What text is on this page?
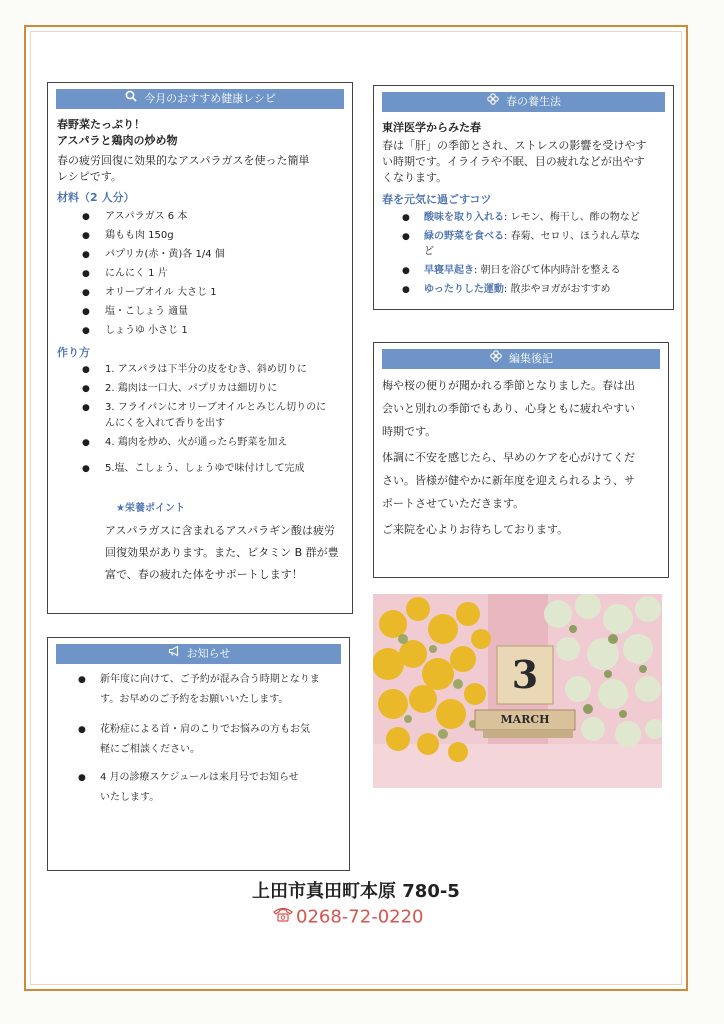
今月のおすすめ健康レシピ
春野菜たっぷり！
アスパラと鶏肉の炒め物
春の疲労回復に効果的なアスパラガスを使った簡単
レシピです。
材料（2 人分）
● アスパラガス 6 本
● 鶏もも肉 150g
● パプリカ(赤・黄)各 1/4 個
● にんにく 1 片
● オリーブオイル 大さじ 1
● 塩・こしょう 適量
● しょうゆ 小さじ 1
作り方
● 1. アスパラは下半分の皮をむき、斜め切りに
● 2. 鶏肉は一口大、パプリカは細切りに
● 3. フライパンにオリーブオイルとみじん切りのに
んにくを入れて香りを出す
● 4. 鶏肉を炒め、火が通ったら野菜を加え
● 5.塩、こしょう、しょうゆで味付けして完成
★栄養ポイント
アスパラガスに含まれるアスパラギン酸は疲労
回復効果があります。また、ビタミン B 群が豊
富で、春の疲れた体をサポートします！
春の養生法
東洋医学からみた春
春は「肝」の季節とされ、ストレスの影響を受けやす
い時期です。イライラや不眠、目の疲れなどが出やす
くなります。
春を元気に過ごすコツ
● 酸味を取り入れる: レモン、梅干し、酢の物など
● 緑の野菜を食べる: 春菊、セロリ、ほうれん草な
ど
● 早寝早起き: 朝日を浴びて体内時計を整える
● ゆったりした運動: 散歩やヨガがおすすめ
編集後記
梅や桜の便りが聞かれる季節となりました。春は出
会いと別れの季節でもあり、心身ともに疲れやすい
時期です。
体調に不安を感じたら、早めのケアを心がけてくだ
さい。皆様が健やかに新年度を迎えられるよう、サ
ポートさせていただきます。
ご来院を心よりお待ちしております。
3
MARCH
お知らせ
● 新年度に向けて、ご予約が混み合う時期となりま
す。お早めのご予約をお願いいたします。
● 花粉症による首・肩のこりでお悩みの方もお気
軽にご相談ください。
● 4 月の診療スケジュールは来月号でお知らせ
いたします。
上田市真田町本原 780-5
0268-72-0220
